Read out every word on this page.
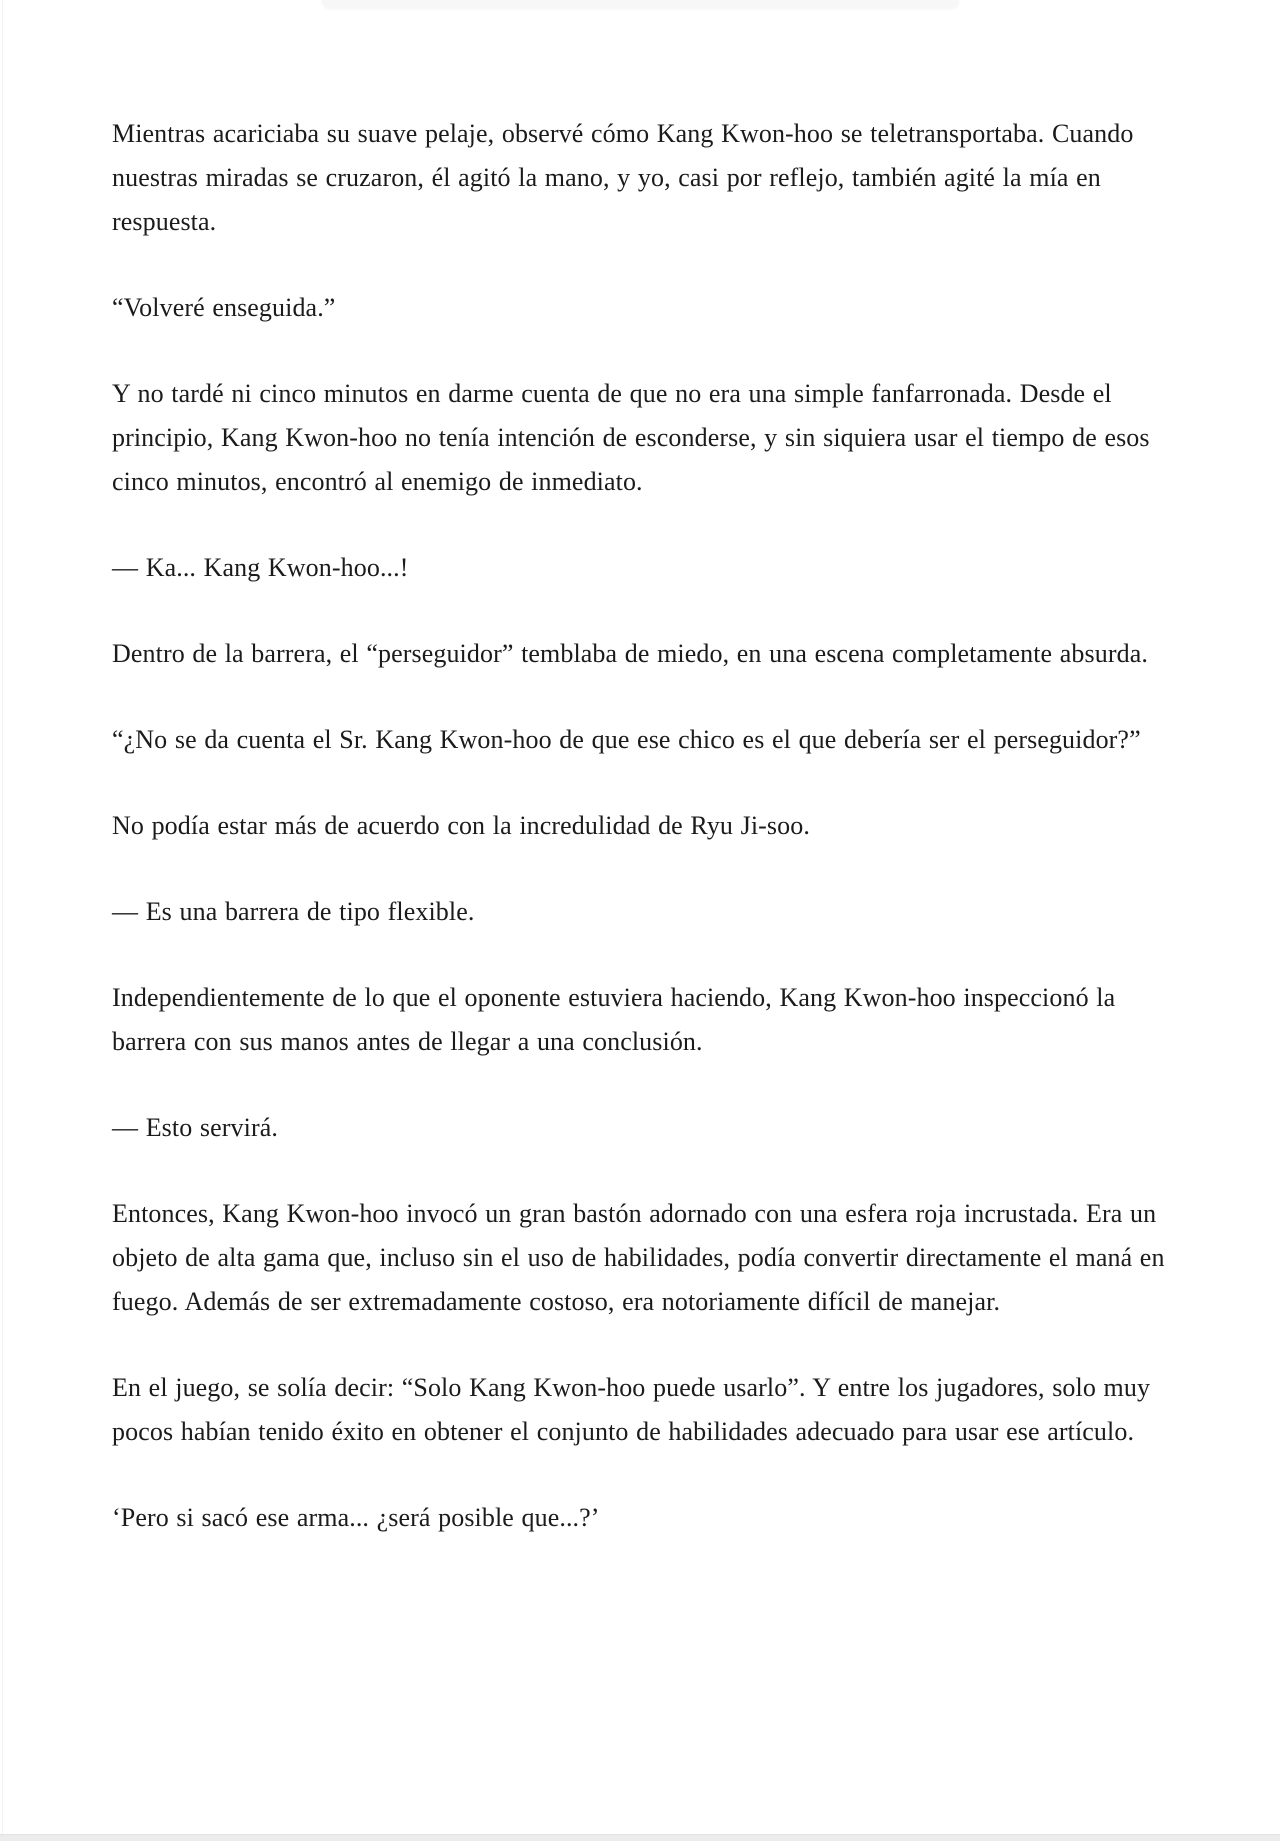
Mientras acariciaba su suave pelaje, observé cómo Kang Kwon-hoo se teletransportaba. Cuando nuestras miradas se cruzaron, él agitó la mano, y yo, casi por reflejo, también agité la mía en respuesta.

“Volveré enseguida.”

Y no tardé ni cinco minutos en darme cuenta de que no era una simple fanfarronada. Desde el principio, Kang Kwon-hoo no tenía intención de esconderse, y sin siquiera usar el tiempo de esos cinco minutos, encontró al enemigo de inmediato.

— Ka... Kang Kwon-hoo...!

Dentro de la barrera, el “perseguidor” temblaba de miedo, en una escena completamente absurda.

“¿No se da cuenta el Sr. Kang Kwon-hoo de que ese chico es el que debería ser el perseguidor?”

No podía estar más de acuerdo con la incredulidad de Ryu Ji-soo.

— Es una barrera de tipo flexible.

Independientemente de lo que el oponente estuviera haciendo, Kang Kwon-hoo inspeccionó la barrera con sus manos antes de llegar a una conclusión.

— Esto servirá.

Entonces, Kang Kwon-hoo invocó un gran bastón adornado con una esfera roja incrustada. Era un objeto de alta gama que, incluso sin el uso de habilidades, podía convertir directamente el maná en fuego. Además de ser extremadamente costoso, era notoriamente difícil de manejar.

En el juego, se solía decir: “Solo Kang Kwon-hoo puede usarlo”. Y entre los jugadores, solo muy pocos habían tenido éxito en obtener el conjunto de habilidades adecuado para usar ese artículo.

‘Pero si sacó ese arma... ¿será posible que...?’
